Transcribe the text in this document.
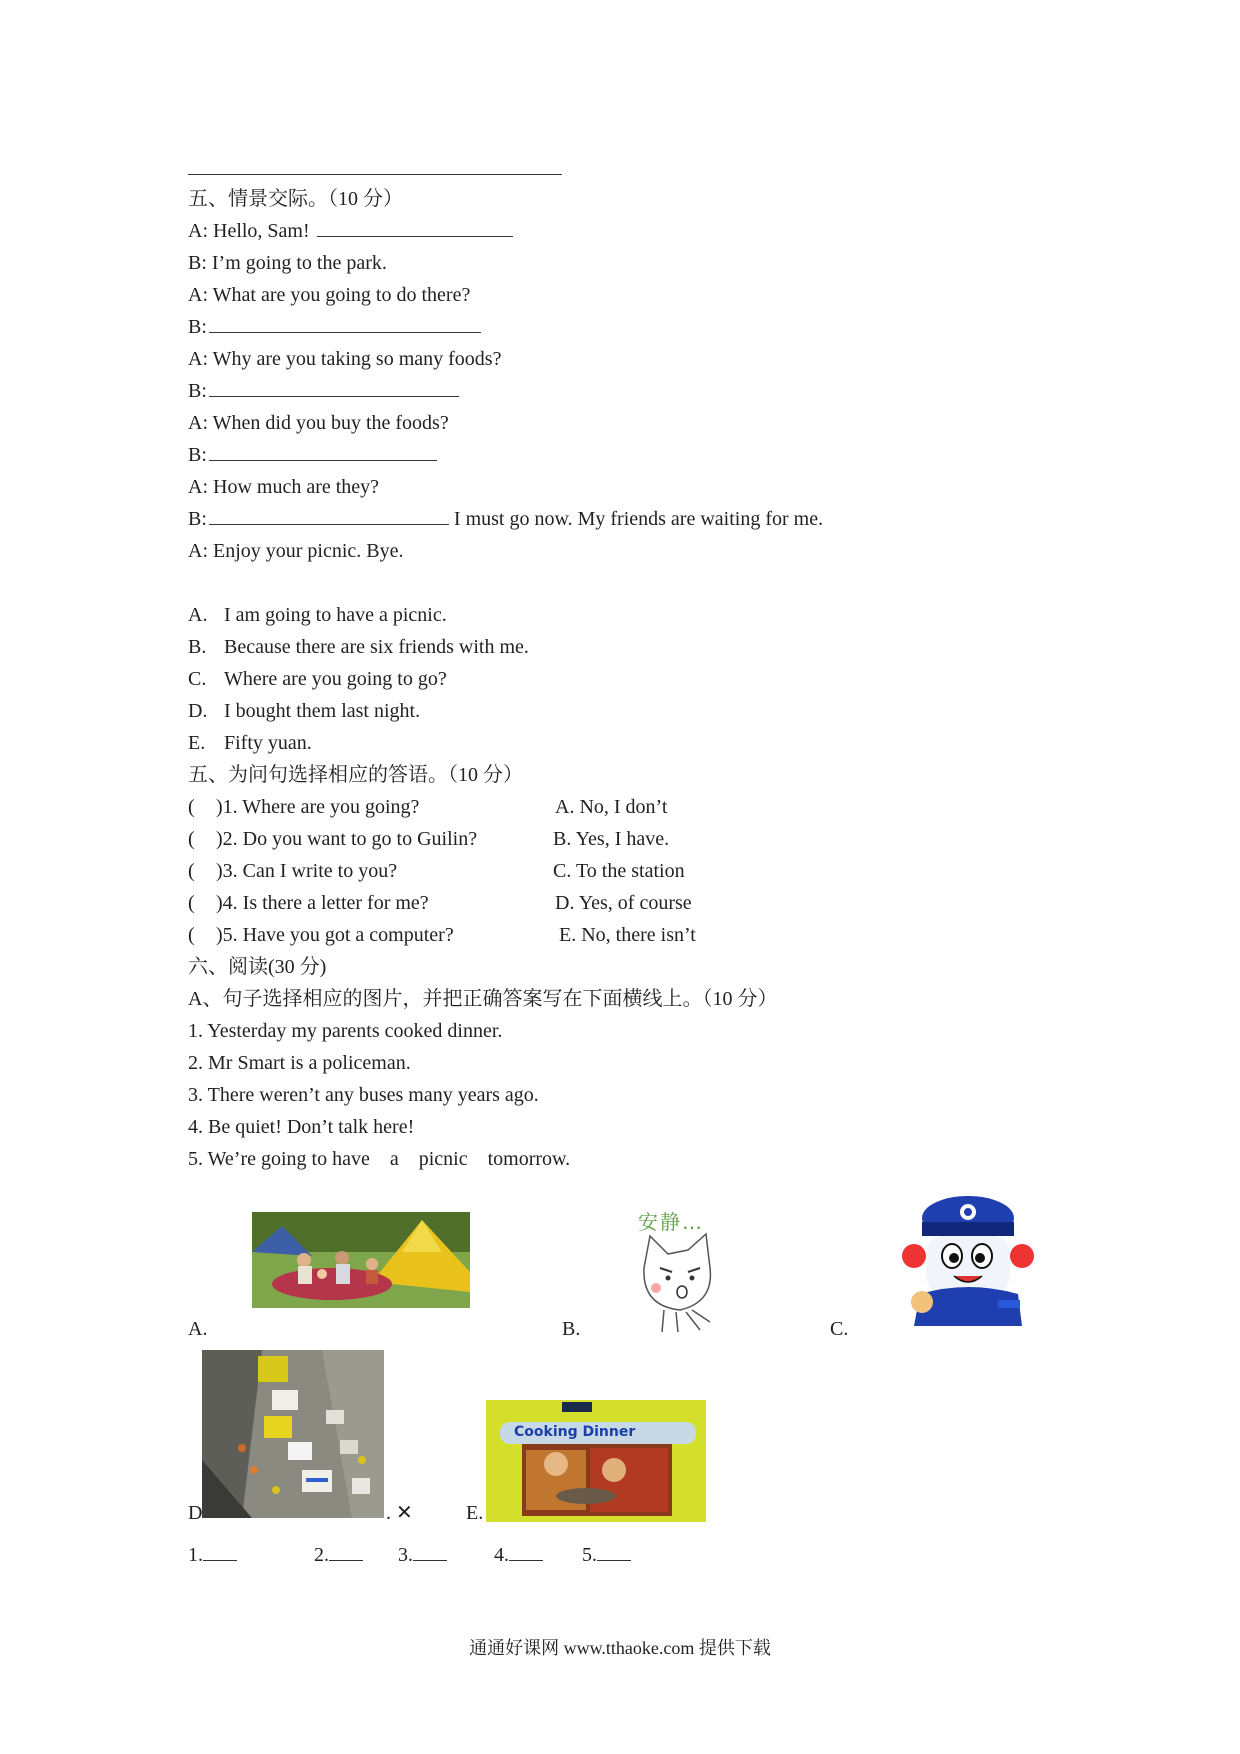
五、情景交际。（10 分）
A: Hello, Sam!
B: I’m going to the park.
A: What are you going to do there?
B:
A: Why are you taking so many foods?
B:
A: When did you buy the foods?
B:
A: How much are they?
B:	I must go now. My friends are waiting for me.
A: Enjoy your picnic. Bye.
A. I am going to have a picnic.
B. Because there are six friends with me.
C. Where are you going to go?
D. I bought them last night.
E. Fifty yuan.
五、为问句选择相应的答语。（10 分）
( )1. Where are you going?	A. No, I don’t
( )2. Do you want to go to Guilin?	B. Yes, I have.
( )3. Can I write to you?	C. To the station
( )4. Is there a letter for me?	D. Yes, of course
( )5. Have you got a computer?	E. No, there isn’t
六、阅读(30 分)
A、句子选择相应的图片，并把正确答案写在下面横线上。（10 分）
1. Yesterday my parents cooked dinner.
2. Mr Smart is a policeman.
3. There weren’t any buses many years ago.
4. Be quiet! Don’t talk here!
5. We’re going to have    a    picnic    tomorrow.
A.
安静…
B.	C.
D	. ✕
Cooking Dinner
E.
1.	2.	3.	4.	5.
通通好课网 www.tthaoke.com 提供下载
